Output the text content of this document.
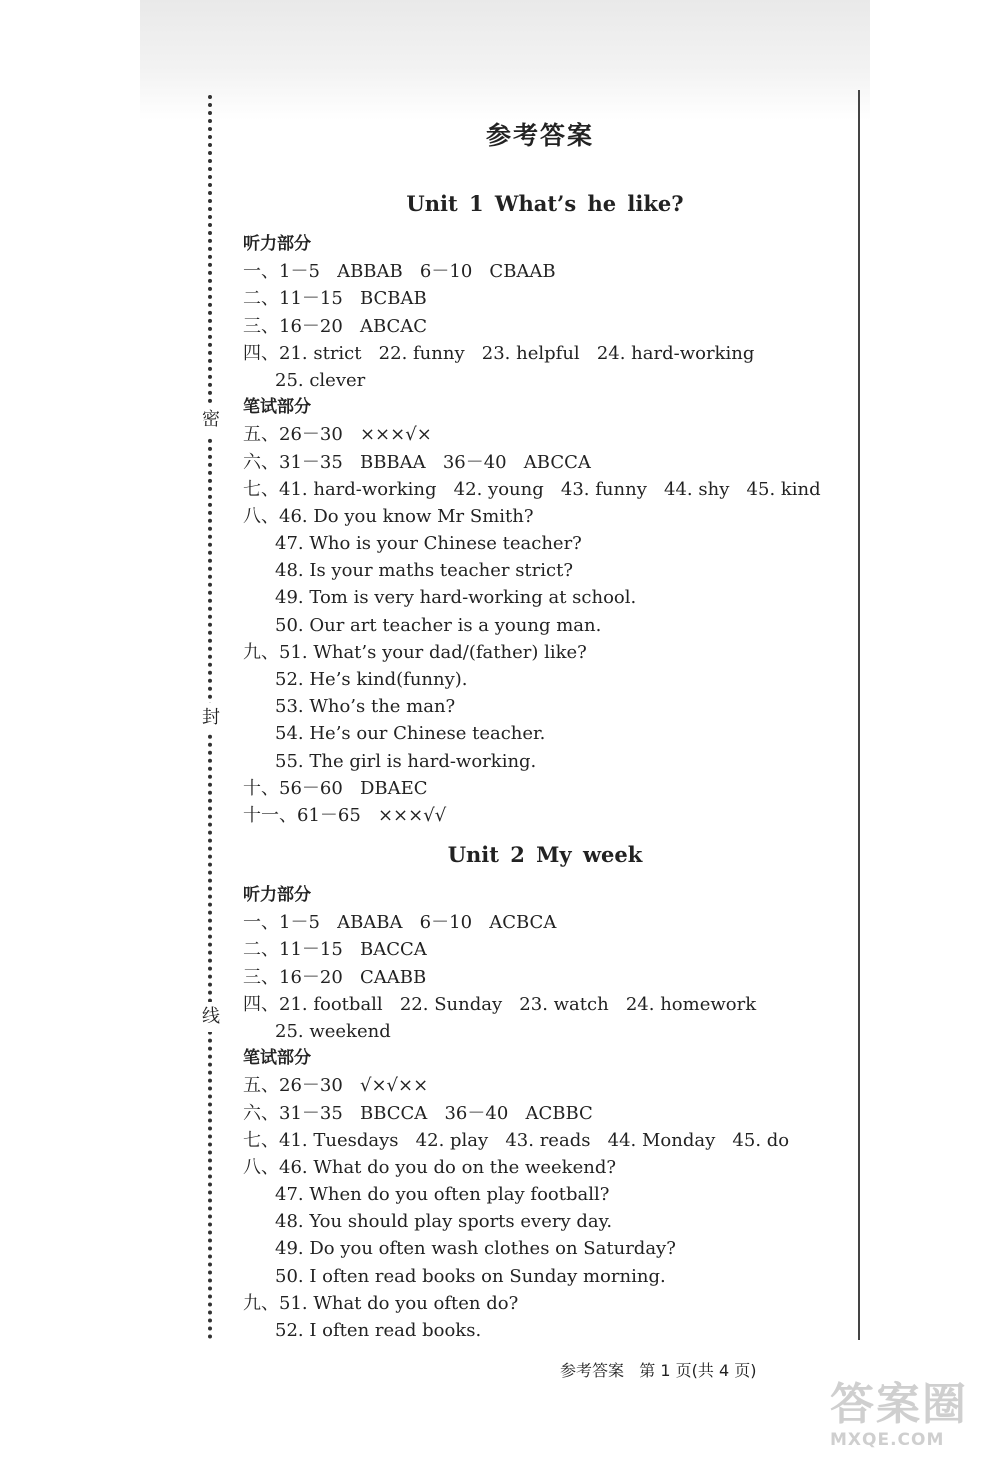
密
封
线
参考答案
Unit 1 What’s he like?
Unit 2 My week
听力部分
一、1－5   ABBAB   6－10   CBAAB
二、11－15   BCBAB
三、16－20   ABCAC
四、21. strict   22. funny   23. helpful   24. hard-working
25. clever
笔试部分
五、26－30   ×××√×
六、31－35   BBBAA   36－40   ABCCA
七、41. hard-working   42. young   43. funny   44. shy   45. kind
八、46. Do you know Mr Smith?
47. Who is your Chinese teacher?
48. Is your maths teacher strict?
49. Tom is very hard-working at school.
50. Our art teacher is a young man.
九、51. What’s your dad/(father) like?
52. He’s kind(funny).
53. Who’s the man?
54. He’s our Chinese teacher.
55. The girl is hard-working.
十、56－60   DBAEC
十一、61－65   ×××√√
听力部分
一、1－5   ABABA   6－10   ACBCA
二、11－15   BACCA
三、16－20   CAABB
四、21. football   22. Sunday   23. watch   24. homework
25. weekend
笔试部分
五、26－30   √×√××
六、31－35   BBCCA   36－40   ACBBC
七、41. Tuesdays   42. play   43. reads   44. Monday   45. do
八、46. What do you do on the weekend?
47. When do you often play football?
48. You should play sports every day.
49. Do you often wash clothes on Saturday?
50. I often read books on Sunday morning.
九、51. What do you often do?
52. I often read books.
参考答案   第 1 页(共 4 页)
答案圈
MXQE.COM
